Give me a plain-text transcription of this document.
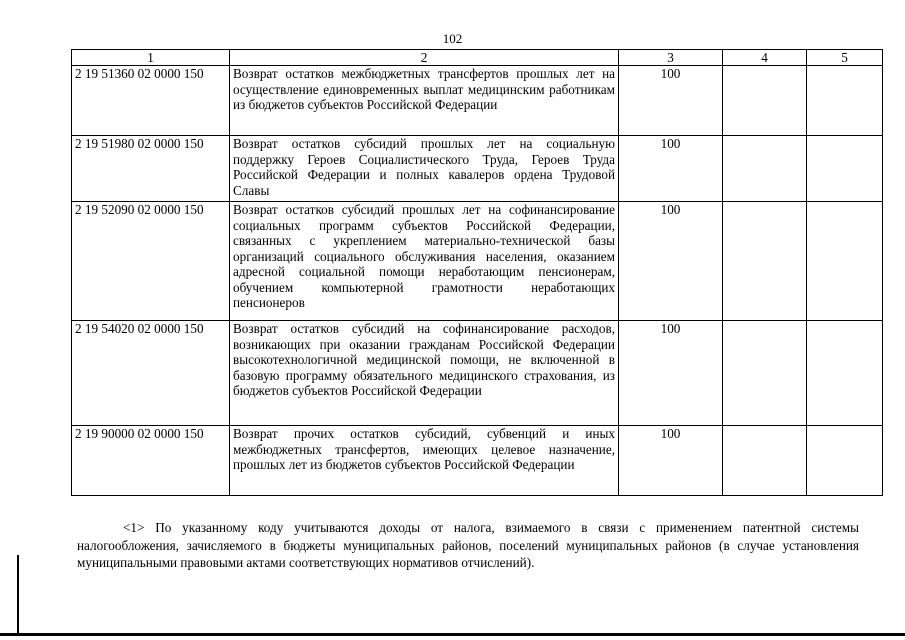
102
1	2	3	4	5
2 19 51360 02 0000 150	Возврат остатков межбюджетных трансфертов прошлых лет на осуществление единовременных выплат медицинским работникам из бюджетов субъектов Российской Федерации	100		
2 19 51980 02 0000 150	Возврат остатков субсидий прошлых лет на социальную поддержку Героев Социалистического Труда, Героев Труда Российской Федерации и полных кавалеров ордена Трудовой Славы	100		
2 19 52090 02 0000 150	Возврат остатков субсидий прошлых лет на софинансирование социальных программ субъектов Российской Федерации, связанных с укреплением материально-технической базы организаций социального обслуживания населения, оказанием адресной социальной помощи неработающим пенсионерам, обучением компьютерной грамотности неработающих пенсионеров	100		
2 19 54020 02 0000 150	Возврат остатков субсидий на софинансирование расходов, возникающих при оказании гражданам Российской Федерации высокотехнологичной медицинской помощи, не включенной в базовую программу обязательного медицинского страхования, из бюджетов субъектов Российской Федерации	100		
2 19 90000 02 0000 150	Возврат прочих остатков субсидий, субвенций и иных межбюджетных трансфертов, имеющих целевое назначение, прошлых лет из бюджетов субъектов Российской Федерации	100		
<1> По указанному коду учитываются доходы от налога, взимаемого в связи с применением патентной системы налогообложения, зачисляемого в бюджеты муниципальных районов, поселений муниципальных районов (в случае установления муниципальными правовыми актами соответствующих нормативов отчислений).
